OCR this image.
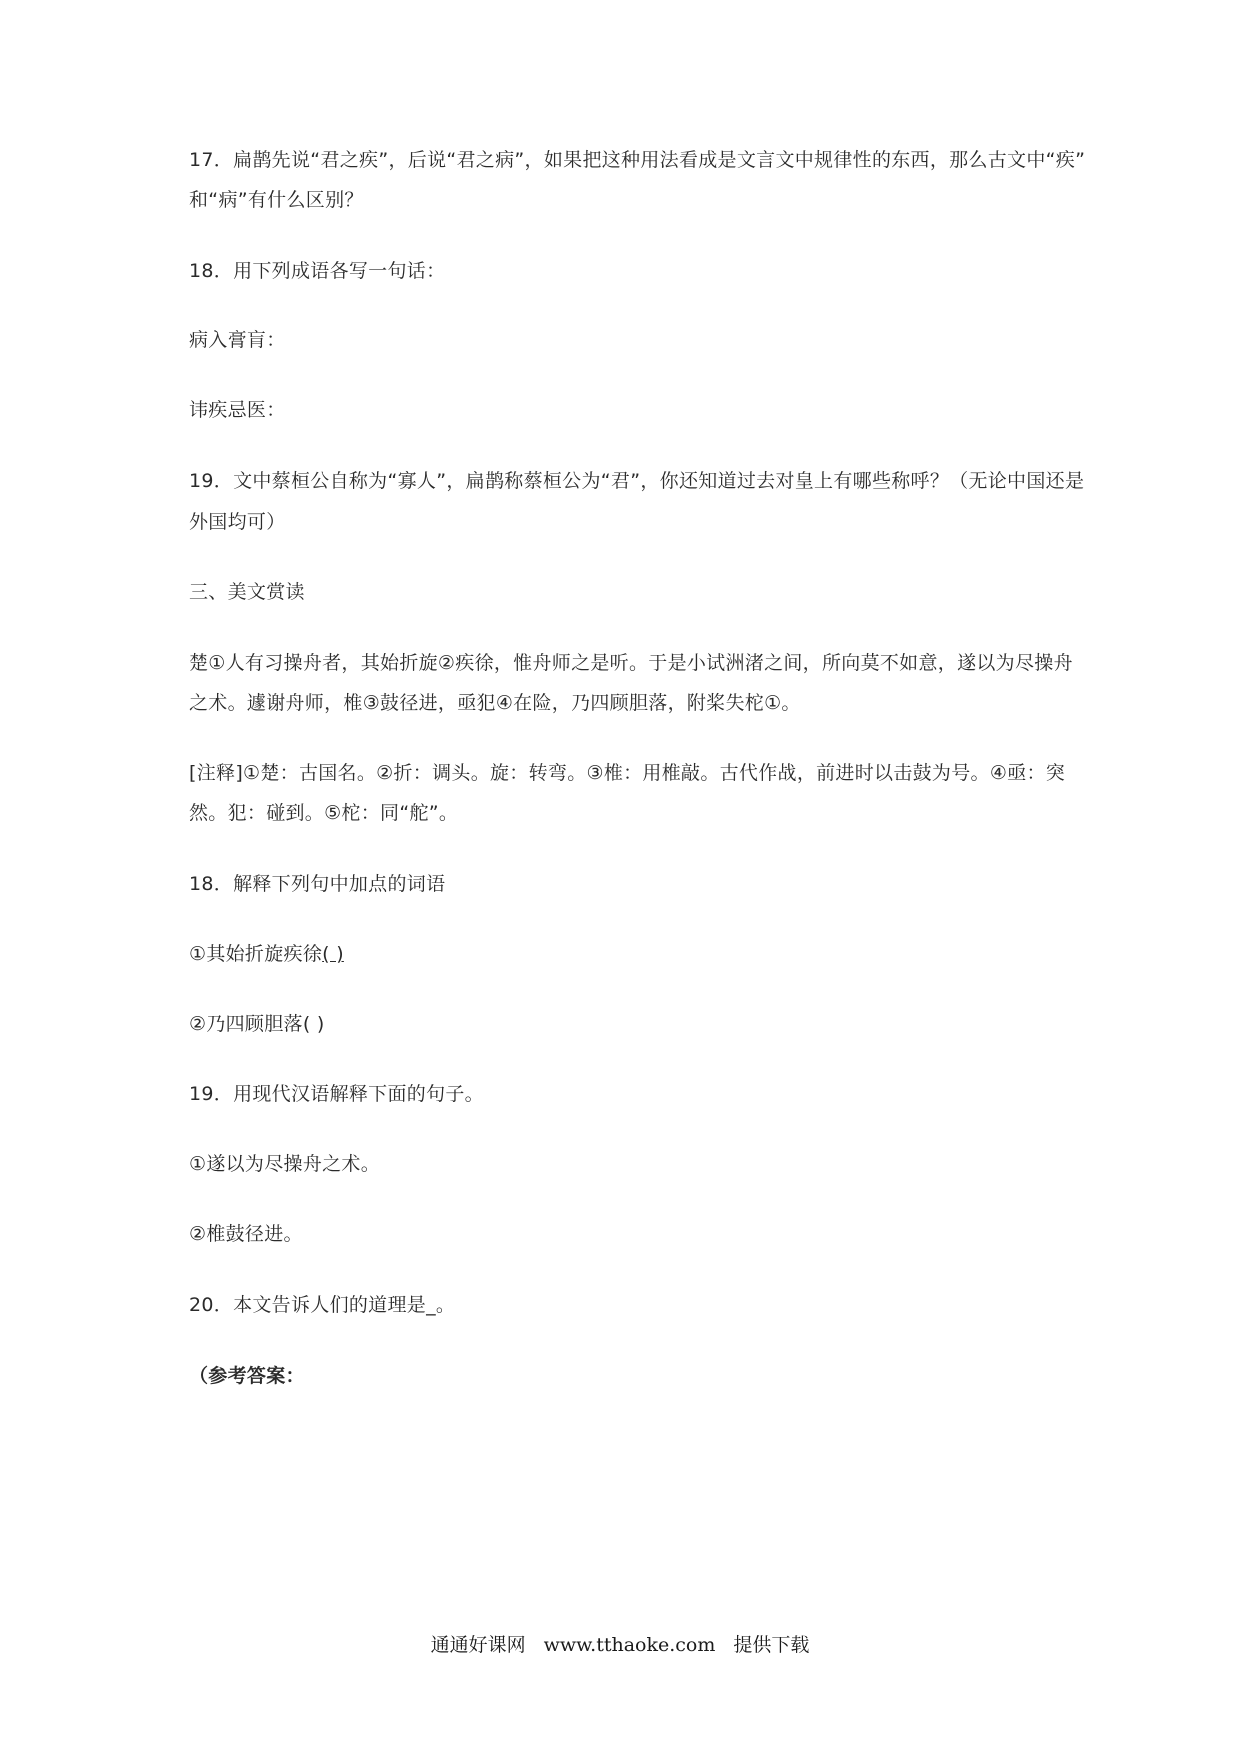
17．扁鹊先说“君之疾”，后说“君之病”，如果把这种用法看成是文言文中规律性的东西，那么古文中“疾”
和“病”有什么区别？
18．用下列成语各写一句话：
病入膏肓：
讳疾忌医：
19．文中蔡桓公自称为“寡人”，扁鹊称蔡桓公为“君”，你还知道过去对皇上有哪些称呼？（无论中国还是
外国均可）
三、美文赏读
楚①人有习操舟者，其始折旋②疾徐，惟舟师之是听。于是小试洲渚之间，所向莫不如意，遂以为尽操舟
之术。遽谢舟师，椎③鼓径进，亟犯④在险，乃四顾胆落，附桨失柁①。
[注释]①楚：古国名。②折：调头。旋：转弯。③椎：用椎敲。古代作战，前进时以击鼓为号。④亟：突
然。犯：碰到。⑤柁：同“舵”。
18．解释下列句中加点的词语
①其始折旋疾徐( )
②乃四顾胆落( )
19．用现代汉语解释下面的句子。
①遂以为尽操舟之术。
②椎鼓径进。
20．本文告诉人们的道理是_。
（参考答案：
通通好课网 www.tthaoke.com 提供下载
